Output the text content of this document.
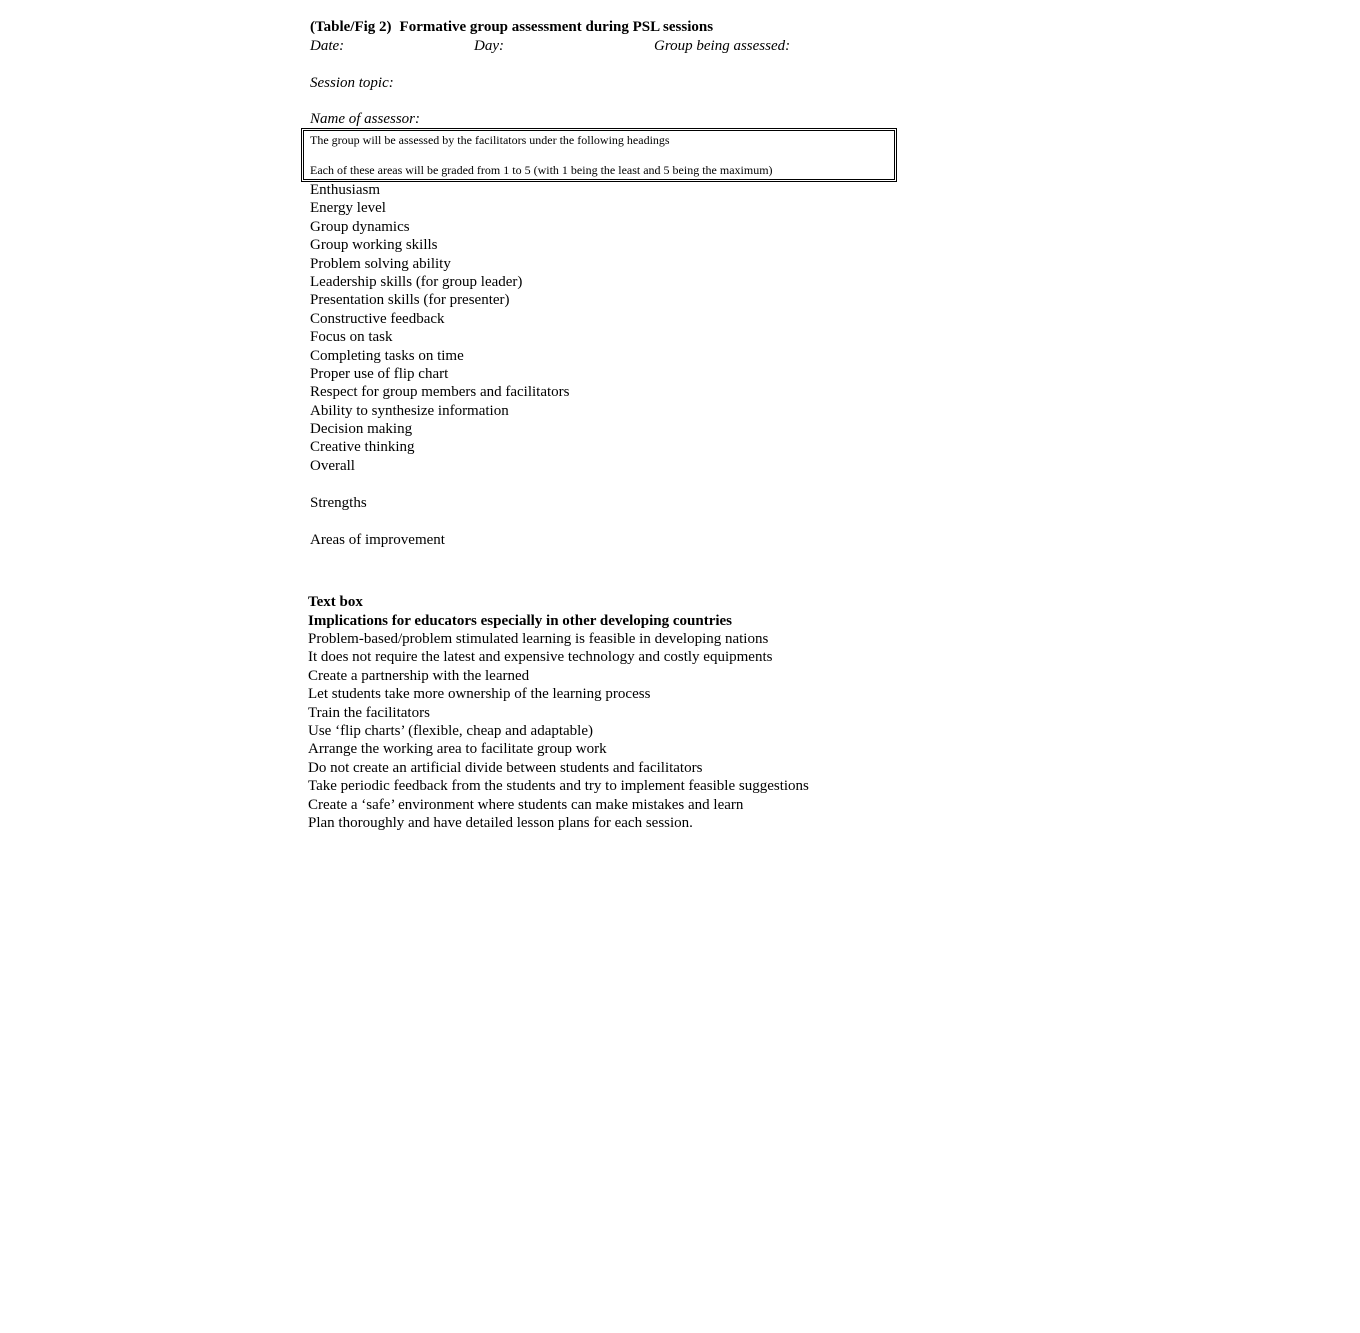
(Table/Fig 2) Formative group assessment during PSL sessions
Date:	Day:	Group being assessed:
Session topic:
Name of assessor:
The group will be assessed by the facilitators under the following headings
Each of these areas will be graded from 1 to 5 (with 1 being the least and 5 being the maximum)
Enthusiasm
Energy level
Group dynamics
Group working skills
Problem solving ability
Leadership skills (for group leader)
Presentation skills (for presenter)
Constructive feedback
Focus on task
Completing tasks on time
Proper use of flip chart
Respect for group members and facilitators
Ability to synthesize information
Decision making
Creative thinking
Overall
Strengths
Areas of improvement
Text box
Implications for educators especially in other developing countries
Problem-based/problem stimulated learning is feasible in developing nations
It does not require the latest and expensive technology and costly equipments
Create a partnership with the learned
Let students take more ownership of the learning process
Train the facilitators
Use ‘flip charts’ (flexible, cheap and adaptable)
Arrange the working area to facilitate group work
Do not create an artificial divide between students and facilitators
Take periodic feedback from the students and try to implement feasible suggestions
Create a ‘safe’ environment where students can make mistakes and learn
Plan thoroughly and have detailed lesson plans for each session.
